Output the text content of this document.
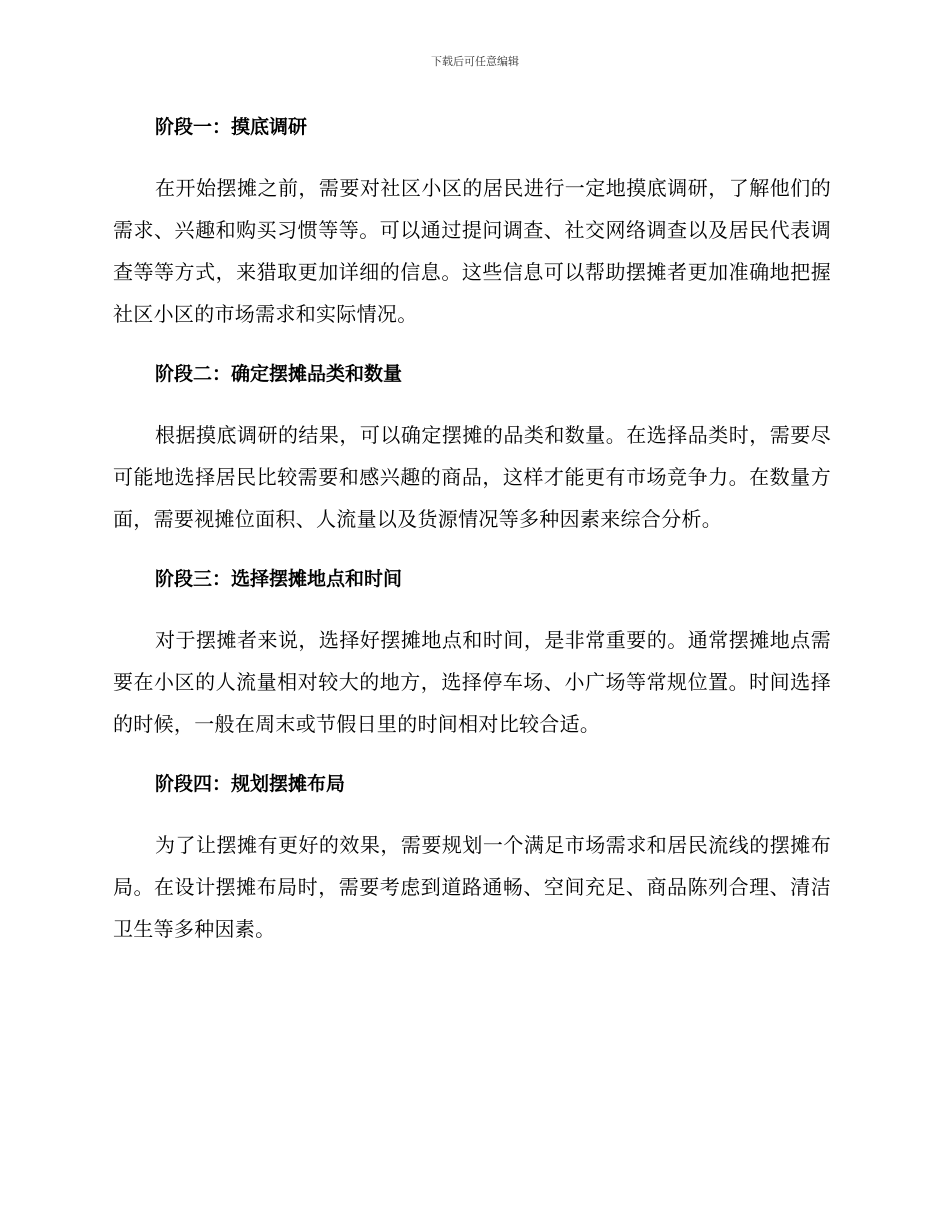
下载后可任意编辑
阶段一：摸底调研

在开始摆摊之前，需要对社区小区的居民进行一定地摸底调研，了解他们的需求、兴趣和购买习惯等等。可以通过提问调查、社交网络调查以及居民代表调查等等方式，来猎取更加详细的信息。这些信息可以帮助摆摊者更加准确地把握社区小区的市场需求和实际情况。

阶段二：确定摆摊品类和数量

根据摸底调研的结果，可以确定摆摊的品类和数量。在选择品类时，需要尽可能地选择居民比较需要和感兴趣的商品，这样才能更有市场竞争力。在数量方面，需要视摊位面积、人流量以及货源情况等多种因素来综合分析。

阶段三：选择摆摊地点和时间

对于摆摊者来说，选择好摆摊地点和时间，是非常重要的。通常摆摊地点需要在小区的人流量相对较大的地方，选择停车场、小广场等常规位置。时间选择的时候，一般在周末或节假日里的时间相对比较合适。

阶段四：规划摆摊布局

为了让摆摊有更好的效果，需要规划一个满足市场需求和居民流线的摆摊布局。在设计摆摊布局时，需要考虑到道路通畅、空间充足、商品陈列合理、清洁卫生等多种因素。
